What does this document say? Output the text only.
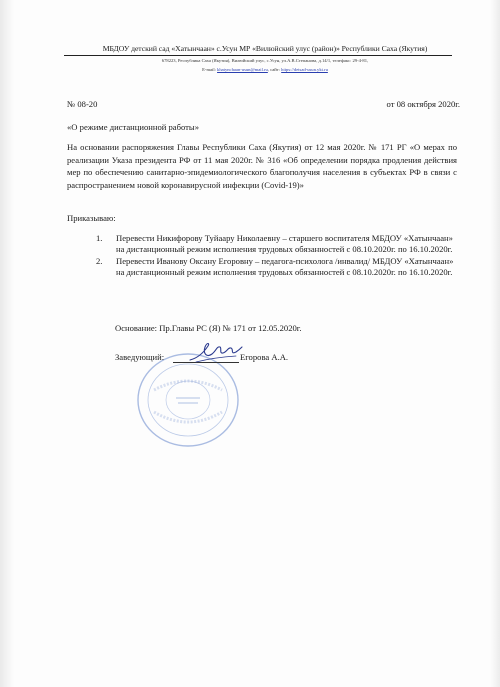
МБДОУ детский сад «Хатынчаан» с.Усун МР «Вилюйский улус (район)» Республики Саха (Якутия)
678223, Республика Саха (Якутия), Вилюйский улус, с.Усун, ул.А.В.Степанова, д.14/1, телефакс: 29-4-81,
E-mail: khatynchaan-usun@mail.ru, сайт: https://detsad-usun.ykt.ru
№ 08-20	от 08 октября 2020г.
«О режиме дистанционной работы»
На основании распоряжения Главы Республики Саха (Якутия) от 12 мая 2020г. № 171 РГ «О мерах по реализации Указа президента РФ от 11 мая 2020г. № 316 «Об определении порядка продления действия мер по обеспечению санитарно-эпидемиологического благополучия населения в субъектах РФ в связи с распространением новой коронавирусной инфекции (Covid-19)»
Приказываю:
1. Перевести Никифорову Туйаару Николаевну – старшего воспитателя МБДОУ «Хатынчаан» на дистанционный режим исполнения трудовых обязанностей с 08.10.2020г. по 16.10.2020г.
2. Перевести Иванову Оксану Егоровну – педагога-психолога /инвалид/ МБДОУ «Хатынчаан» на дистанционный режим исполнения трудовых обязанностей с 08.10.2020г. по 16.10.2020г.
Основание: Пр.Главы РС (Я) № 171 от 12.05.2020г.
Заведующий:	Егорова А.А.
